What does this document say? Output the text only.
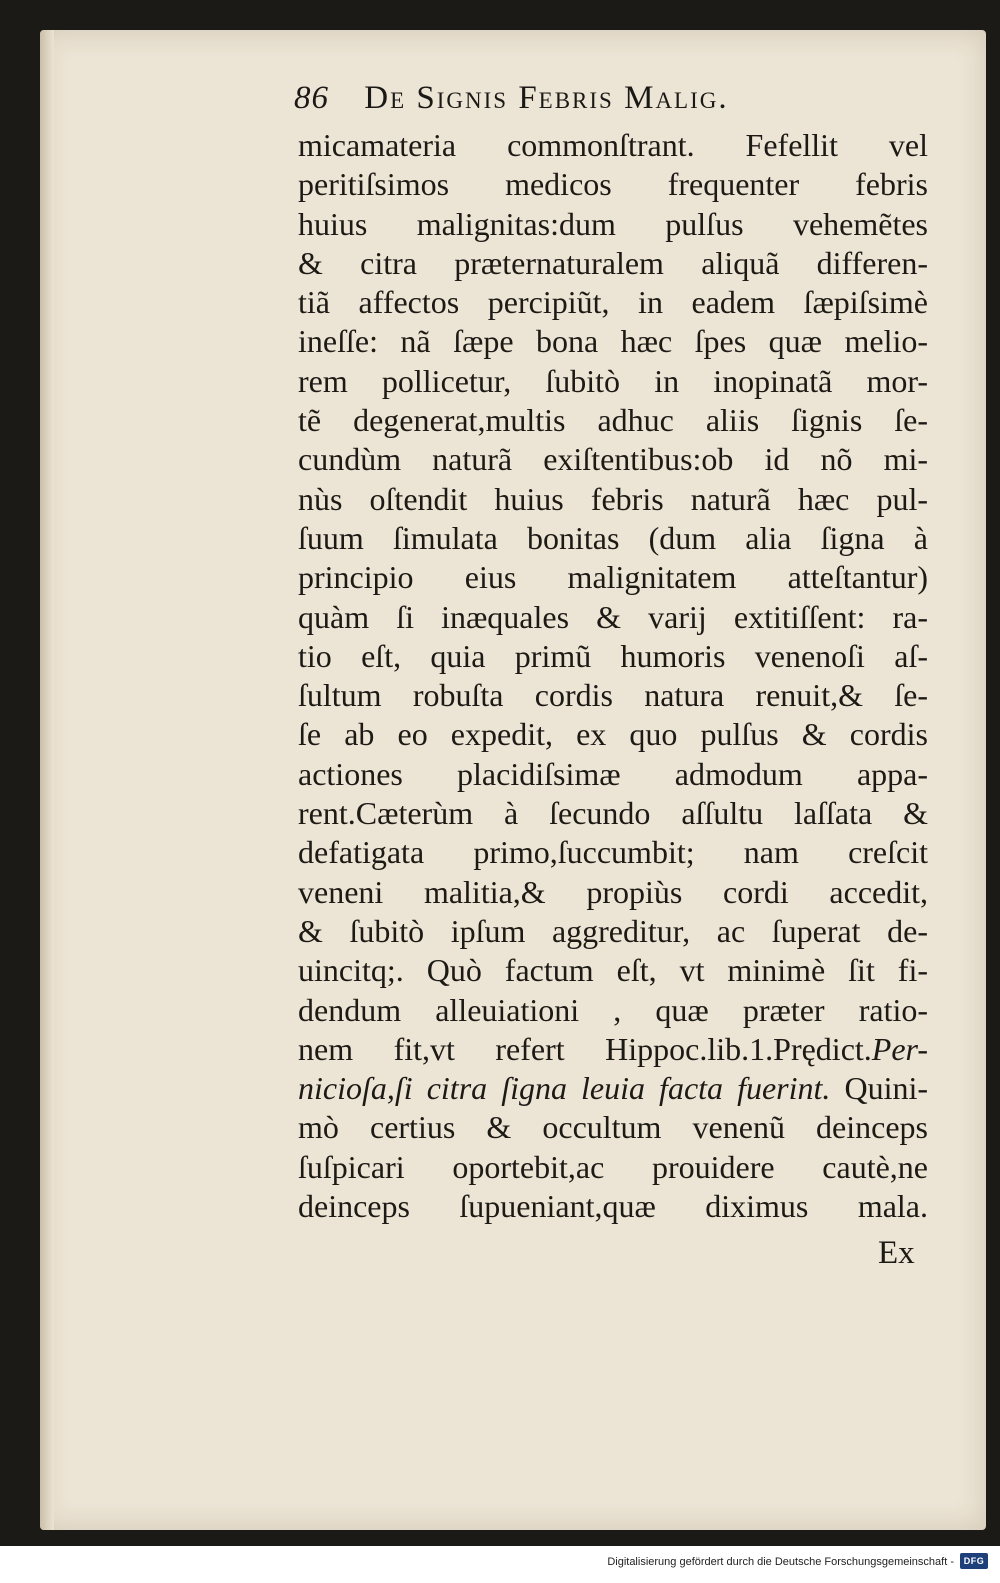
86 De Signis Febris Malig.
micamateria commonſtrant. Fefellit vel
peritiſsimos medicos frequenter febris
huius malignitas:dum pulſus vehemẽtes
& citra præternaturalem aliquã differen-
tiã affectos percipiũt, in eadem ſæpiſsimè
ineſſe: nã ſæpe bona hæc ſpes quæ melio-
rem pollicetur, ſubitò in inopinatã mor-
tẽ degenerat,multis adhuc aliis ſignis ſe-
cundùm naturã exiſtentibus:ob id nõ mi-
nùs oſtendit huius febris naturã hæc pul-
ſuum ſimulata bonitas (dum alia ſigna à
principio eius malignitatem atteſtantur)
quàm ſi inæquales & varij extitiſſent: ra-
tio eſt, quia primũ humoris venenoſi aſ-
ſultum robuſta cordis natura renuit,& ſe-
ſe ab eo expedit, ex quo pulſus & cordis
actiones placidiſsimæ admodum appa-
rent.Cæterùm à ſecundo aſſultu laſſata &
defatigata primo,ſuccumbit; nam creſcit
veneni malitia,& propiùs cordi accedit,
& ſubitò ipſum aggreditur, ac ſuperat de-
uincitq;. Quò factum eſt, vt minimè ſit fi-
dendum alleuiationi , quæ præter ratio-
nem fit,vt refert Hippoc.lib.1.Prędict.Per-
nicioſa,ſi citra ſigna leuia facta fuerint. Quini-
mò certius & occultum venenũ deinceps
ſuſpicari oportebit,ac prouidere cautè,ne
deinceps ſupueniant,quæ diximus mala.
Ex
Digitalisierung gefördert durch die Deutsche Forschungsgemeinschaft -	DFG
